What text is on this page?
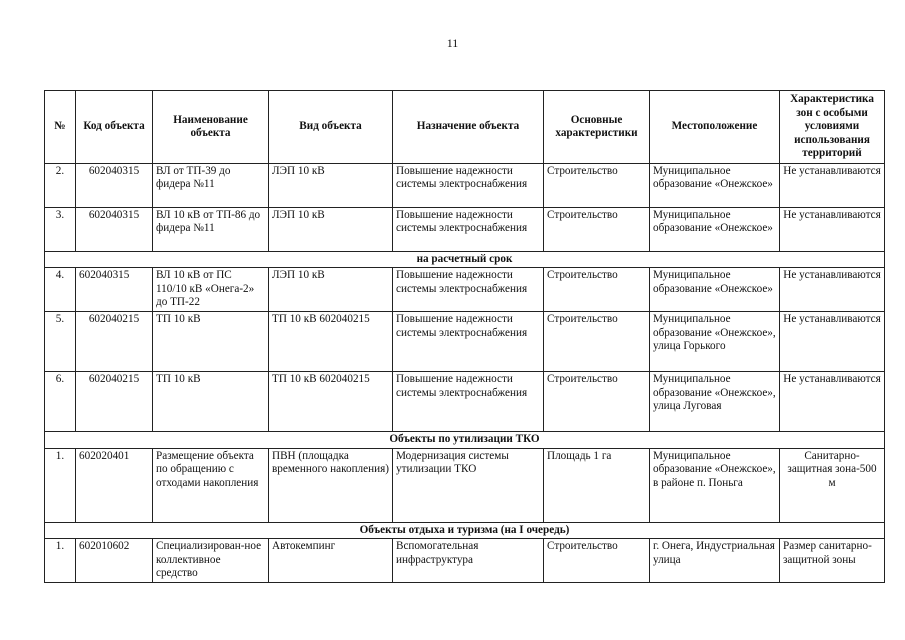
11
№	Код объекта	Наименование объекта	Вид объекта	Назначение объекта	Основные характеристики	Местоположение	Характеристика зон с особыми условиями использования территорий
2.	602040315	ВЛ от ТП-39 до фидера №11	ЛЭП 10 кВ	Повышение надежности системы электроснабжения	Строительство	Муниципальное образование «Онежское»	Не устанавливаются
3.	602040315	ВЛ 10 кВ от ТП-86 до фидера №11	ЛЭП 10 кВ	Повышение надежности системы электроснабжения	Строительство	Муниципальное образование «Онежское»	Не устанавливаются
на расчетный срок							
4.	602040315	ВЛ 10 кВ от ПС 110/10 кВ «Онега-2» до ТП-22	ЛЭП 10 кВ	Повышение надежности системы электроснабжения	Строительство	Муниципальное образование «Онежское»	Не устанавливаются
5.	602040215	ТП 10 кВ	ТП 10 кВ 602040215	Повышение надежности системы электроснабжения	Строительство	Муниципальное образование «Онежское», улица Горького	Не устанавливаются
6.	602040215	ТП 10 кВ	ТП 10 кВ 602040215	Повышение надежности системы электроснабжения	Строительство	Муниципальное образование «Онежское», улица Луговая	Не устанавливаются
Объекты по утилизации ТКО							
1.	602020401	Размещение объекта по обращению с отходами накопления	ПВН (площадка временного накопления)	Модернизация системы утилизации ТКО	Площадь 1 га	Муниципальное образование «Онежское», в районе п. Поньга	Санитарно-защитная зона-500 м
Объекты отдыха и туризма (на I очередь)							
1.	602010602	Специализирован-ное коллективное средство	Автокемпинг	Вспомогательная инфраструктура	Строительство	г. Онега, Индустриальная улица	Размер санитарно-защитной зоны
